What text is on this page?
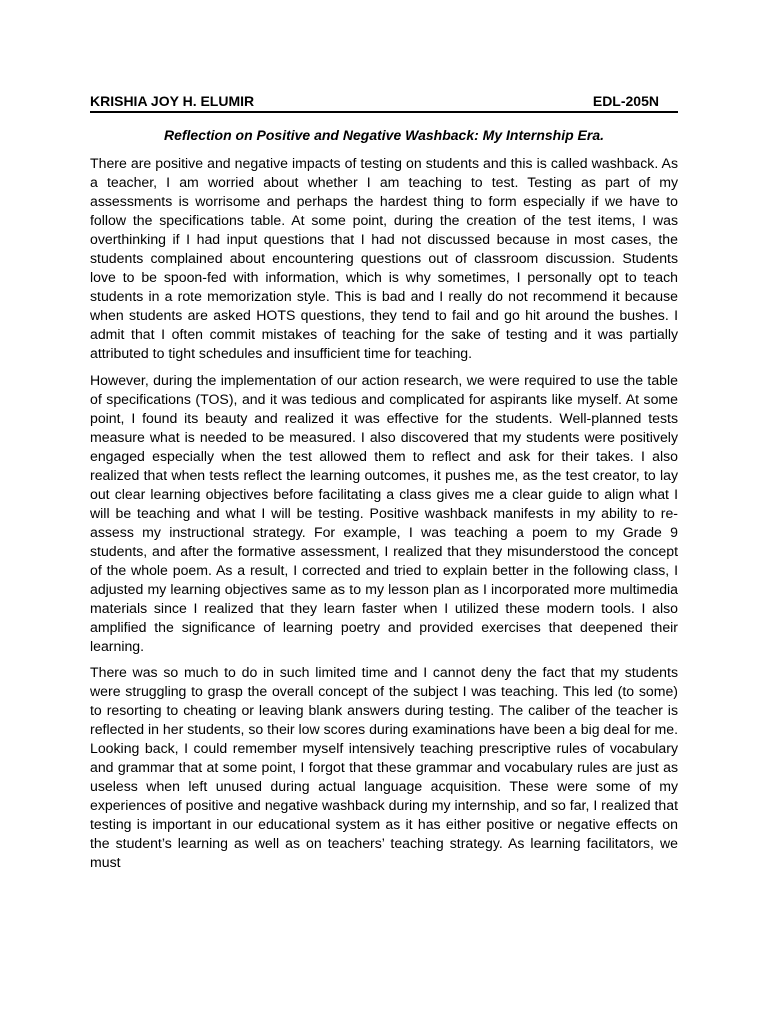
KRISHIA JOY H. ELUMIR	EDL-205N
Reflection on Positive and Negative Washback: My Internship Era.

There are positive and negative impacts of testing on students and this is called washback. As a teacher, I am worried about whether I am teaching to test. Testing as part of my assessments is worrisome and perhaps the hardest thing to form especially if we have to follow the specifications table. At some point, during the creation of the test items, I was overthinking if I had input questions that I had not discussed because in most cases, the students complained about encountering questions out of classroom discussion. Students love to be spoon-fed with information, which is why sometimes, I personally opt to teach students in a rote memorization style. This is bad and I really do not recommend it because when students are asked HOTS questions, they tend to fail and go hit around the bushes. I admit that I often commit mistakes of teaching for the sake of testing and it was partially attributed to tight schedules and insufficient time for teaching.

However, during the implementation of our action research, we were required to use the table of specifications (TOS), and it was tedious and complicated for aspirants like myself. At some point, I found its beauty and realized it was effective for the students. Well-planned tests measure what is needed to be measured. I also discovered that my students were positively engaged especially when the test allowed them to reflect and ask for their takes. I also realized that when tests reflect the learning outcomes, it pushes me, as the test creator, to lay out clear learning objectives before facilitating a class gives me a clear guide to align what I will be teaching and what I will be testing. Positive washback manifests in my ability to re-assess my instructional strategy. For example, I was teaching a poem to my Grade 9 students, and after the formative assessment, I realized that they misunderstood the concept of the whole poem. As a result, I corrected and tried to explain better in the following class, I adjusted my learning objectives same as to my lesson plan as I incorporated more multimedia materials since I realized that they learn faster when I utilized these modern tools. I also amplified the significance of learning poetry and provided exercises that deepened their learning.

There was so much to do in such limited time and I cannot deny the fact that my students were struggling to grasp the overall concept of the subject I was teaching. This led (to some) to resorting to cheating or leaving blank answers during testing. The caliber of the teacher is reflected in her students, so their low scores during examinations have been a big deal for me. Looking back, I could remember myself intensively teaching prescriptive rules of vocabulary and grammar that at some point, I forgot that these grammar and vocabulary rules are just as useless when left unused during actual language acquisition. These were some of my experiences of positive and negative washback during my internship, and so far, I realized that testing is important in our educational system as it has either positive or negative effects on the student’s learning as well as on teachers’ teaching strategy. As learning facilitators, we must
